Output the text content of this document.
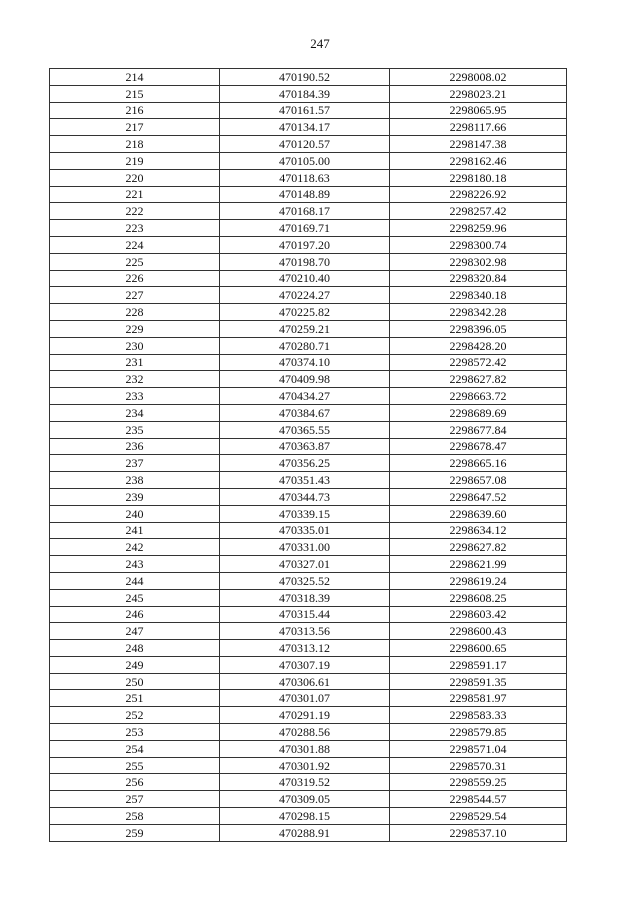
247
214	470190.52	2298008.02
215	470184.39	2298023.21
216	470161.57	2298065.95
217	470134.17	2298117.66
218	470120.57	2298147.38
219	470105.00	2298162.46
220	470118.63	2298180.18
221	470148.89	2298226.92
222	470168.17	2298257.42
223	470169.71	2298259.96
224	470197.20	2298300.74
225	470198.70	2298302.98
226	470210.40	2298320.84
227	470224.27	2298340.18
228	470225.82	2298342.28
229	470259.21	2298396.05
230	470280.71	2298428.20
231	470374.10	2298572.42
232	470409.98	2298627.82
233	470434.27	2298663.72
234	470384.67	2298689.69
235	470365.55	2298677.84
236	470363.87	2298678.47
237	470356.25	2298665.16
238	470351.43	2298657.08
239	470344.73	2298647.52
240	470339.15	2298639.60
241	470335.01	2298634.12
242	470331.00	2298627.82
243	470327.01	2298621.99
244	470325.52	2298619.24
245	470318.39	2298608.25
246	470315.44	2298603.42
247	470313.56	2298600.43
248	470313.12	2298600.65
249	470307.19	2298591.17
250	470306.61	2298591.35
251	470301.07	2298581.97
252	470291.19	2298583.33
253	470288.56	2298579.85
254	470301.88	2298571.04
255	470301.92	2298570.31
256	470319.52	2298559.25
257	470309.05	2298544.57
258	470298.15	2298529.54
259	470288.91	2298537.10
